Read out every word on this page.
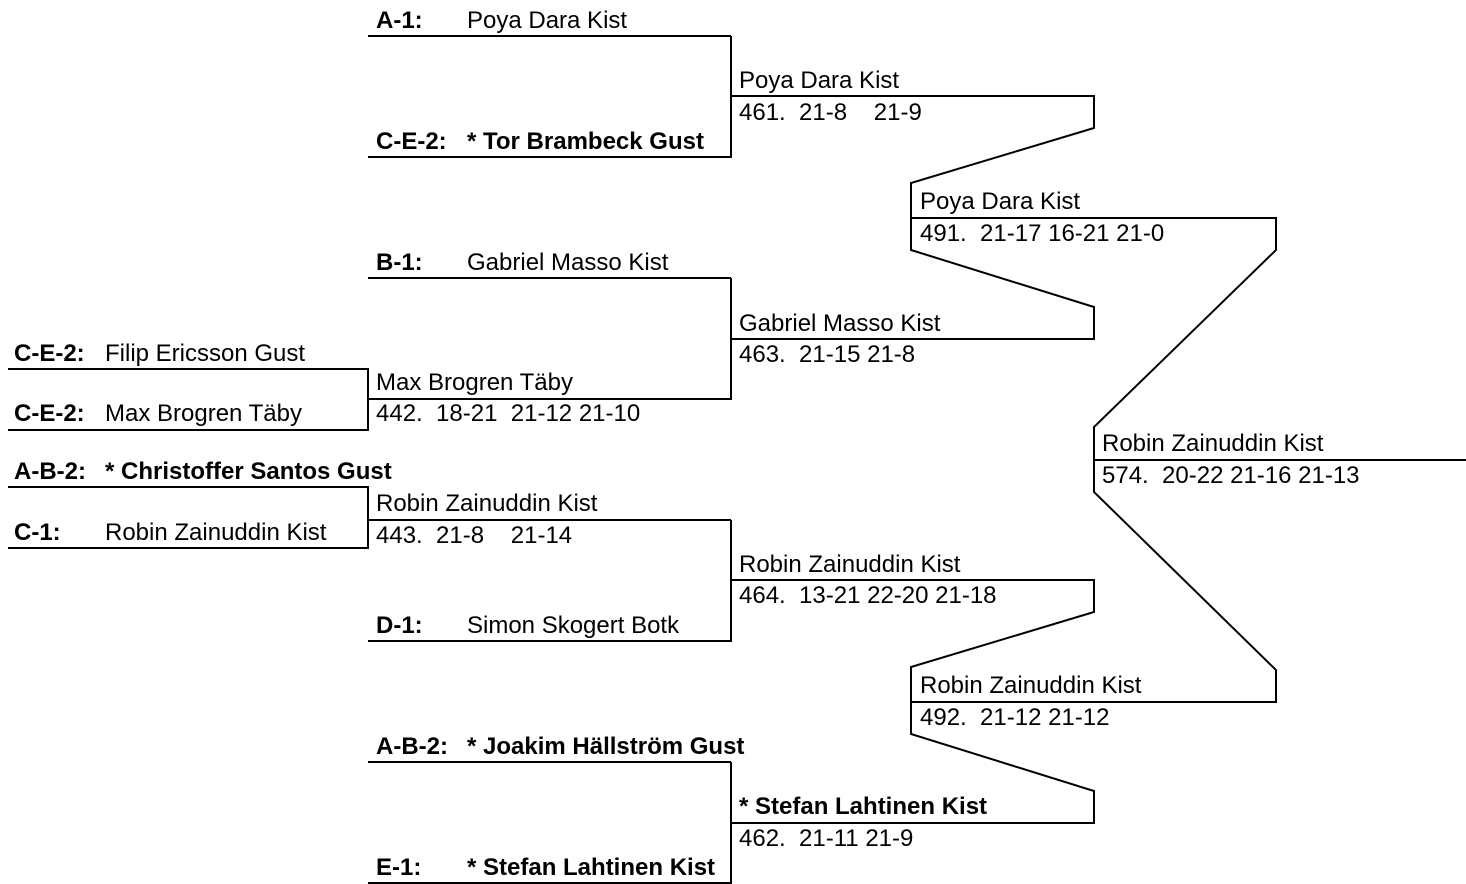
C-E-2: Filip Ericsson Gust
C-E-2: Max Brogren Täby
A-B-2: * Christoffer Santos Gust
C-1: Robin Zainuddin Kist
Max Brogren Täby
442.  18-21  21-12 21-10
Robin Zainuddin Kist
443.  21-8    21-14
A-1: Poya Dara Kist
C-E-2: * Tor Brambeck Gust
B-1: Gabriel Masso Kist
D-1: Simon Skogert Botk
A-B-2: * Joakim Hällström Gust
E-1: * Stefan Lahtinen Kist
Poya Dara Kist
461.  21-8    21-9
Gabriel Masso Kist
463.  21-15 21-8
Robin Zainuddin Kist
464.  13-21 22-20 21-18
* Stefan Lahtinen Kist
462.  21-11 21-9
Poya Dara Kist
491.  21-17 16-21 21-0
Robin Zainuddin Kist
492.  21-12 21-12
Robin Zainuddin Kist
574.  20-22 21-16 21-13
